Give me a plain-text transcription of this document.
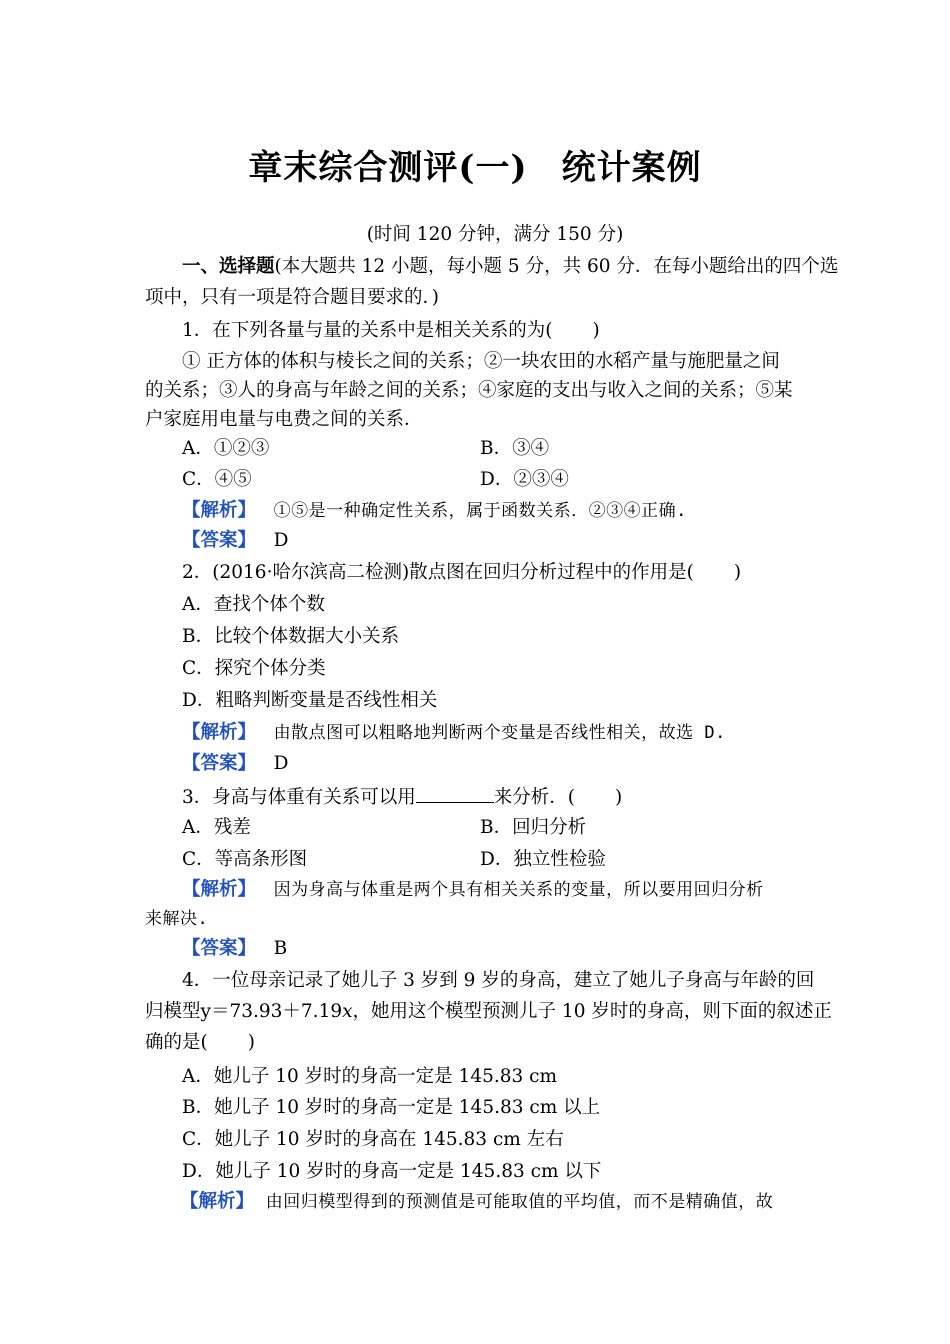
章末综合测评(一) 统计案例
(时间 120 分钟，满分 150 分)
一、选择题(本大题共 12 小题，每小题 5 分，共 60 分．在每小题给出的四个选
项中，只有一项是符合题目要求的．)
1．在下列各量与量的关系中是相关关系的为( )
① 正方体的体积与棱长之间的关系；②一块农田的水稻产量与施肥量之间
的关系；③人的身高与年龄之间的关系；④家庭的支出与收入之间的关系；⑤某
户家庭用电量与电费之间的关系．
A．①②③	B．③④
C．④⑤	D．②③④
【解析】 ①⑤是一种确定性关系，属于函数关系．②③④正确.
【答案】 D
2．(2016·哈尔滨高二检测)散点图在回归分析过程中的作用是( )
A．查找个体个数
B．比较个体数据大小关系
C．探究个体分类
D．粗略判断变量是否线性相关
【解析】 由散点图可以粗略地判断两个变量是否线性相关，故选 D.
【答案】 D
3．身高与体重有关系可以用	来分析．( )
A．残差	B．回归分析
C．等高条形图	D．独立性检验
【解析】 因为身高与体重是两个具有相关关系的变量，所以要用回归分析
来解决.
【答案】 B
4．一位母亲记录了她儿子 3 岁到 9 岁的身高，建立了她儿子身高与年龄的回
归模型y＝73.93＋7.19x，她用这个模型预测儿子 10 岁时的身高，则下面的叙述正
确的是( )
A．她儿子 10 岁时的身高一定是 145.83 cm
B．她儿子 10 岁时的身高一定是 145.83 cm 以上
C．她儿子 10 岁时的身高在 145.83 cm 左右
D．她儿子 10 岁时的身高一定是 145.83 cm 以下
【解析】 由回归模型得到的预测值是可能取值的平均值，而不是精确值，故
